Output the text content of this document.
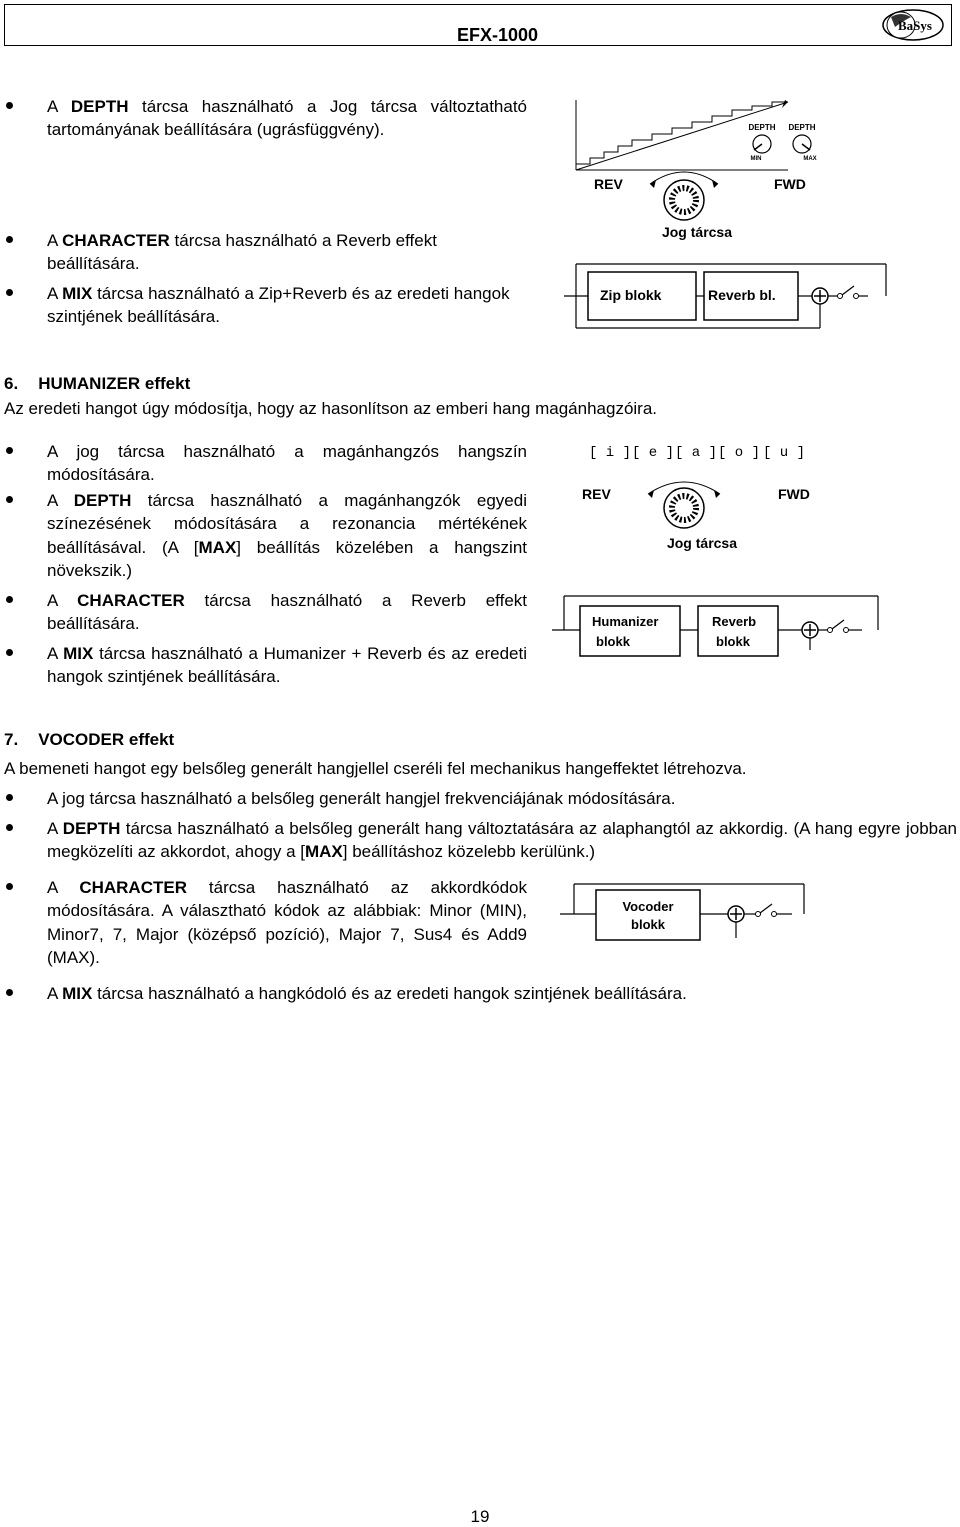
EFX-1000	BaSys
A DEPTH tárcsa használható a Jog tárcsa változtatható tartományának beállítására (ugrásfüggvény).
A CHARACTER tárcsa használható a Reverb effekt beállítására.
A MIX tárcsa használható a Zip+Reverb és az eredeti hangok szintjének beállítására.
DEPTH DEPTH
MIN	MAX
REV	FWD
Jog tárcsa
Zip blokk	Reverb bl.
6. HUMANIZER effekt
Az eredeti hangot úgy módosítja, hogy az hasonlítson az emberi hang magánhagzóira.
A jog tárcsa használható a magánhangzós hangszín módosítására.
A DEPTH tárcsa használható a magánhangzók egyedi színezésének módosítására a rezonancia mértékének beállításával. (A [MAX] beállítás közelében a hangszint növekszik.)
A CHARACTER tárcsa használható a Reverb effekt beállítására.
A MIX tárcsa használható a Humanizer + Reverb és az eredeti hangok szintjének beállítására.
[ i ] [ e ] [ a ] [ o ] [ u ]
REV	FWD
Jog tárcsa
Humanizer
blokk
Reverb
blokk
7. VOCODER effekt
A bemeneti hangot egy belsőleg generált hangjellel cseréli fel mechanikus hangeffektet létrehozva.
A jog tárcsa használható a belsőleg generált hangjel frekvenciájának módosítására.
A DEPTH tárcsa használható a belsőleg generált hang változtatására az alaphangtól az akkordig. (A hang egyre jobban megközelíti az akkordot, ahogy a [MAX] beállításhoz közelebb kerülünk.)
A CHARACTER tárcsa használható az akkordkódok módosítására. A választható kódok az alábbiak: Minor (MIN), Minor7, 7, Major (középső pozíció), Major 7, Sus4 és Add9 (MAX).
A MIX tárcsa használható a hangkódoló és az eredeti hangok szintjének beállítására.
Vocoder
blokk
19
